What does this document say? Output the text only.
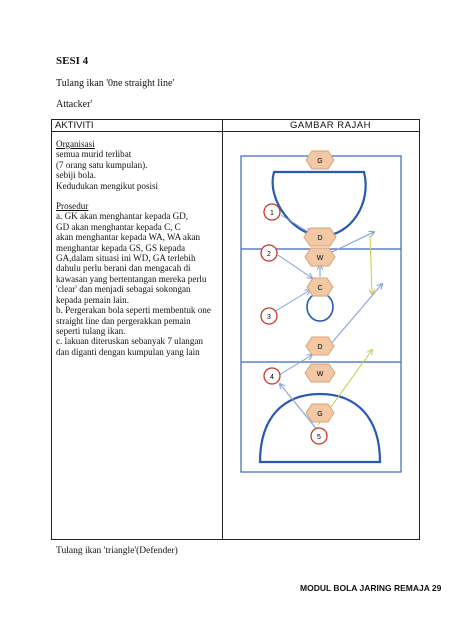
SESI 4
Tulang ikan '0ne straight line'
Attacker'
AKTIVITI	GAMBAR RAJAH

Organisasi

semua murid terlibat

(7 orang satu kumpulan).

sebiji bola.

Kedudukan mengikut posisi

Prosedur

a. GK akan menghantar kepada GD,

GD akan menghantar kepada C, C

akan menghantar kepada WA, WA akan

menghantar kepada GS, GS kepada

GA,dalam situasi ini WD, GA terlebih

dahulu perlu berani dan mengacah di

kawasan yang bertentangan mereka perlu

'clear' dan menjadi sebagai sokongan

kepada pemain lain.

b. Pergerakan bola seperti membentuk one

straight line dan pergerakkan pemain

seperti tulang ikan.

c. lakuan diteruskan sebanyak 7 ulangan

dan diganti dengan kumpulan yang lain

G
D
W
C
D
W
G
1
2
3
4
5
Tulang ikan 'triangle'(Defender)
MODUL BOLA JARING REMAJA 29
